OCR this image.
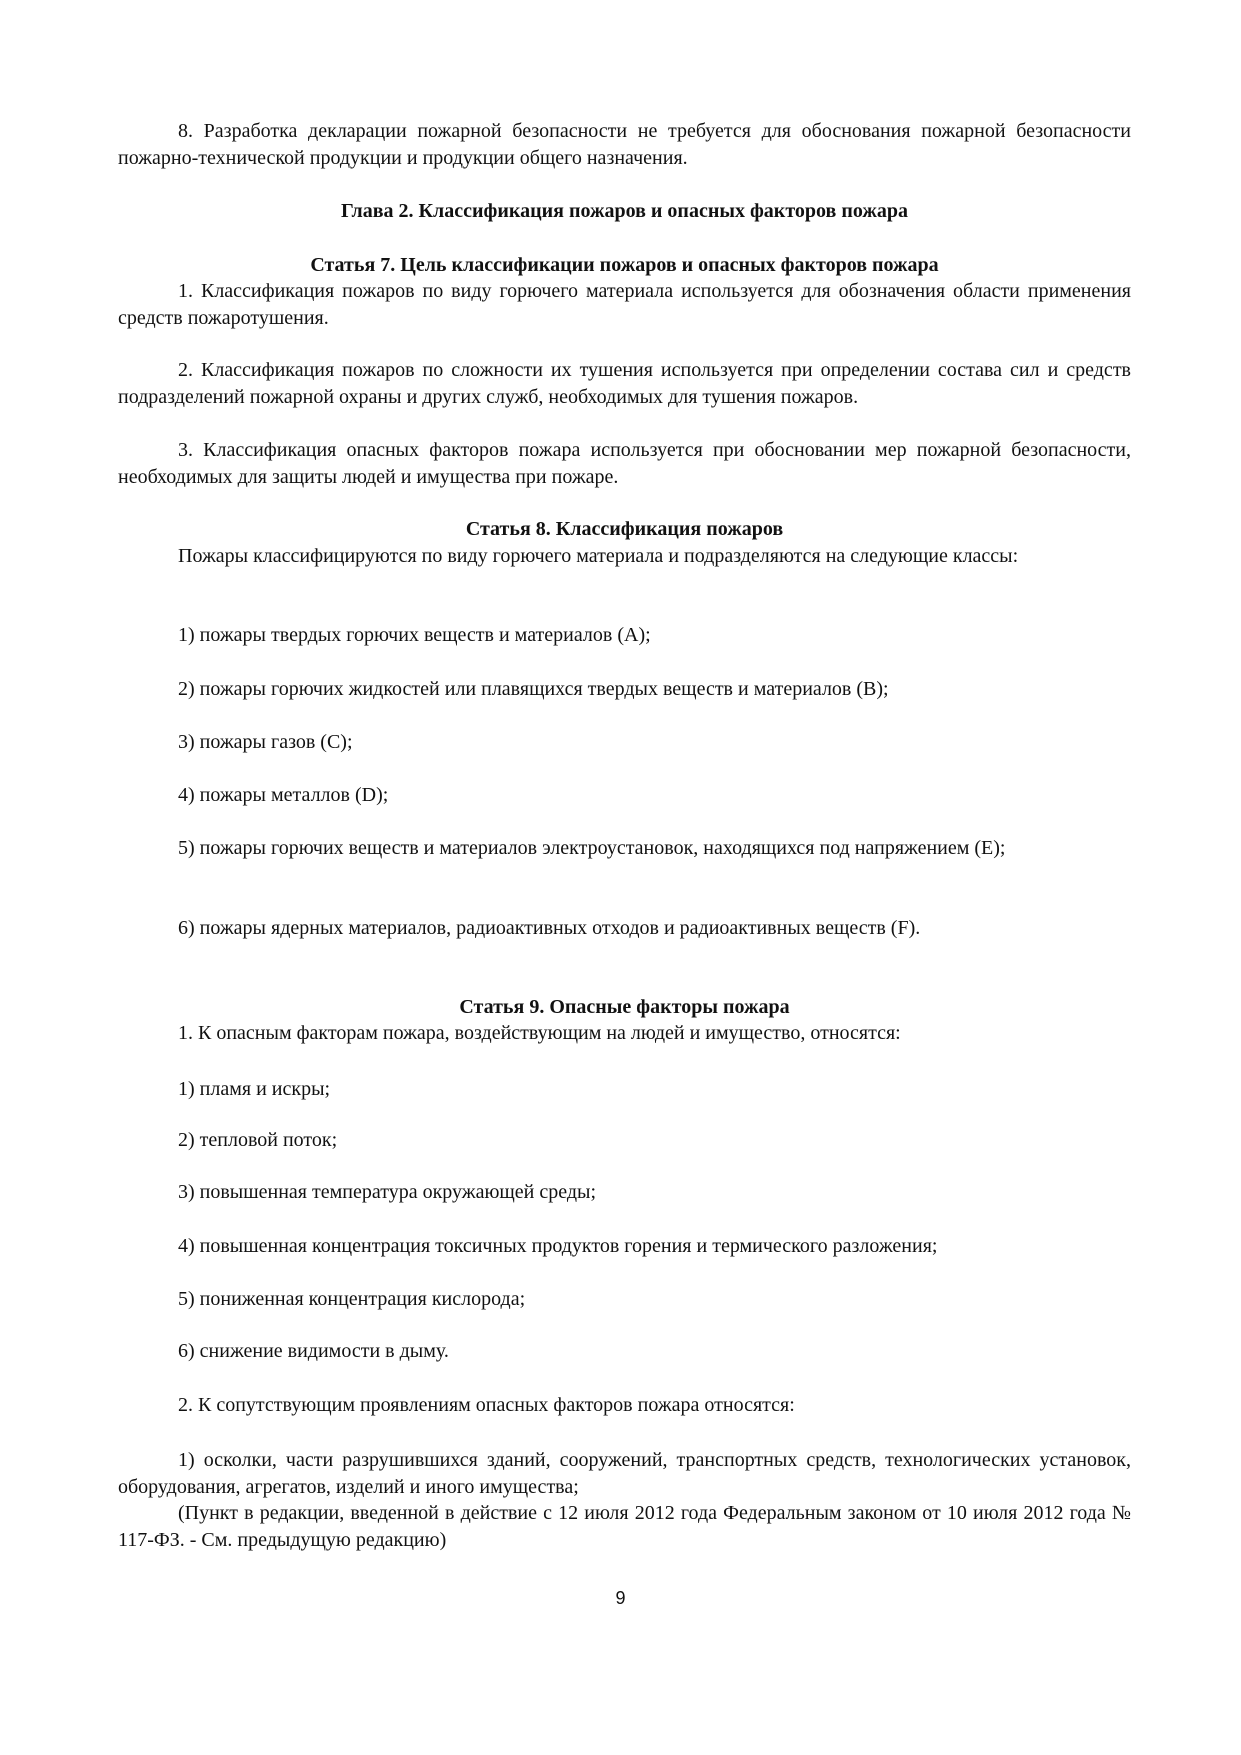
8. Разработка декларации пожарной безопасности не требуется для обоснования пожарной безопасности пожарно-технической продукции и продукции общего назначения.
Глава 2. Классификация пожаров и опасных факторов пожара
Статья 7. Цель классификации пожаров и опасных факторов пожара
1. Классификация пожаров по виду горючего материала используется для обозначения области применения средств пожаротушения.
2. Классификация пожаров по сложности их тушения используется при определении состава сил и средств подразделений пожарной охраны и других служб, необходимых для тушения пожаров.
3. Классификация опасных факторов пожара используется при обосновании мер пожарной безопасности, необходимых для защиты людей и имущества при пожаре.
Статья 8. Классификация пожаров
Пожары классифицируются по виду горючего материала и подразделяются на следующие классы:
1) пожары твердых горючих веществ и материалов (A);
2) пожары горючих жидкостей или плавящихся твердых веществ и материалов (B);
3) пожары газов (C);
4) пожары металлов (D);
5) пожары горючих веществ и материалов электроустановок, находящихся под напряжением (E);
6) пожары ядерных материалов, радиоактивных отходов и радиоактивных веществ (F).
Статья 9. Опасные факторы пожара
1. К опасным факторам пожара, воздействующим на людей и имущество, относятся:
1) пламя и искры;
2) тепловой поток;
3) повышенная температура окружающей среды;
4) повышенная концентрация токсичных продуктов горения и термического разложения;
5) пониженная концентрация кислорода;
6) снижение видимости в дыму.
2. К сопутствующим проявлениям опасных факторов пожара относятся:
1) осколки, части разрушившихся зданий, сооружений, транспортных средств, технологических установок, оборудования, агрегатов, изделий и иного имущества;
(Пункт в редакции, введенной в действие с 12 июля 2012 года Федеральным законом от 10 июля 2012 года № 117-ФЗ. - См. предыдущую редакцию)
9
